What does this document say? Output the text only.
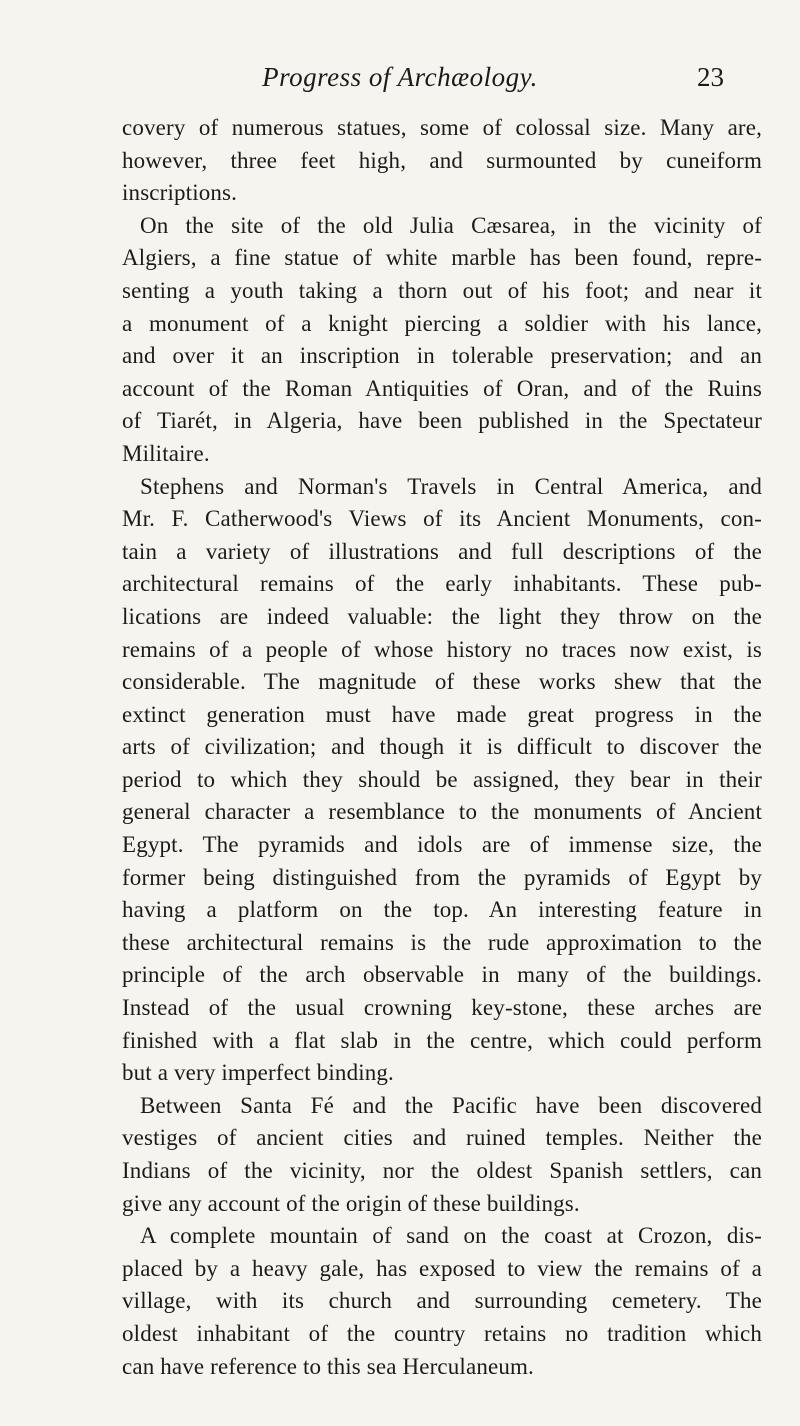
Progress of Archæology.	23
covery of numerous statues, some of colossal size. Many are,
however, three feet high, and surmounted by cuneiform
inscriptions.
On the site of the old Julia Cæsarea, in the vicinity of
Algiers, a fine statue of white marble has been found, repre-
senting a youth taking a thorn out of his foot; and near it
a monument of a knight piercing a soldier with his lance,
and over it an inscription in tolerable preservation; and an
account of the Roman Antiquities of Oran, and of the Ruins
of Tiarét, in Algeria, have been published in the Spectateur
Militaire.
Stephens and Norman's Travels in Central America, and
Mr. F. Catherwood's Views of its Ancient Monuments, con-
tain a variety of illustrations and full descriptions of the
architectural remains of the early inhabitants. These pub-
lications are indeed valuable: the light they throw on the
remains of a people of whose history no traces now exist, is
considerable. The magnitude of these works shew that the
extinct generation must have made great progress in the
arts of civilization; and though it is difficult to discover the
period to which they should be assigned, they bear in their
general character a resemblance to the monuments of Ancient
Egypt. The pyramids and idols are of immense size, the
former being distinguished from the pyramids of Egypt by
having a platform on the top. An interesting feature in
these architectural remains is the rude approximation to the
principle of the arch observable in many of the buildings.
Instead of the usual crowning key-stone, these arches are
finished with a flat slab in the centre, which could perform
but a very imperfect binding.
Between Santa Fé and the Pacific have been discovered
vestiges of ancient cities and ruined temples. Neither the
Indians of the vicinity, nor the oldest Spanish settlers, can
give any account of the origin of these buildings.
A complete mountain of sand on the coast at Crozon, dis-
placed by a heavy gale, has exposed to view the remains of a
village, with its church and surrounding cemetery. The
oldest inhabitant of the country retains no tradition which
can have reference to this sea Herculaneum.
